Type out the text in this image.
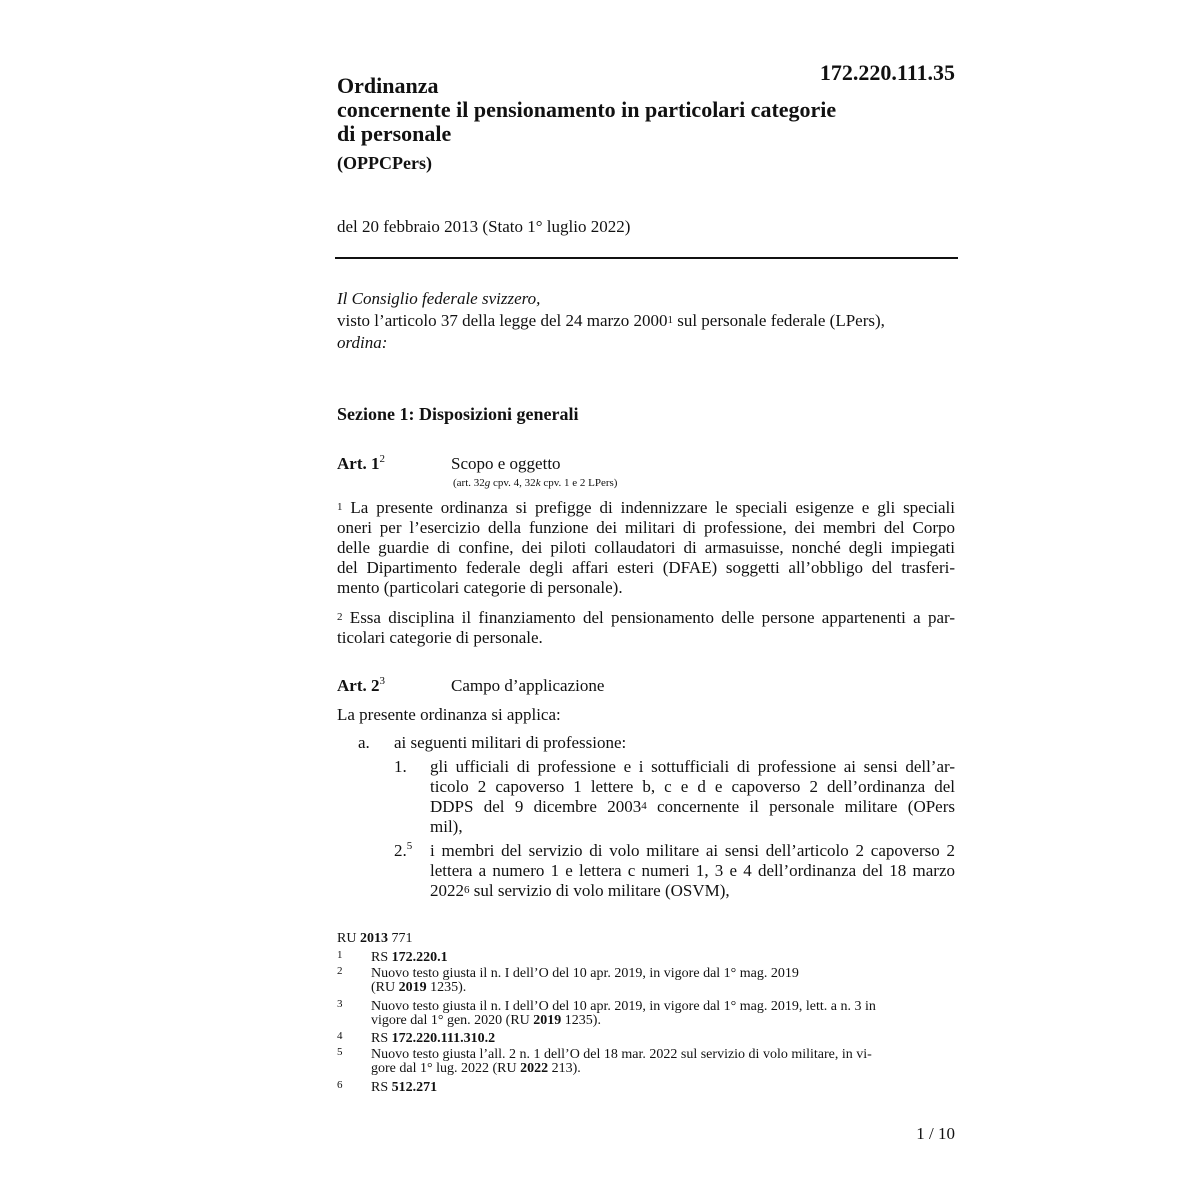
172.220.111.35
Ordinanza
concernente il pensionamento in particolari categorie
di personale
(OPPCPers)
del 20 febbraio 2013 (Stato 1° luglio 2022)
Il Consiglio federale svizzero,
visto l’articolo 37 della legge del 24 marzo 2000$^1$ sul personale federale (LPers),
ordina:
Sezione 1: Disposizioni generali
Art. $1^2$	Scopo e oggetto
(art. 32g cpv. 4, 32k cpv. 1 e 2 LPers)
$^1$ La presente ordinanza si prefigge di indennizzare le speciali esigenze e gli speciali
oneri per l’esercizio della funzione dei militari di professione, dei membri del Corpo
delle guardie di confine, dei piloti collaudatori di armasuisse, nonché degli impiegati
del Dipartimento federale degli affari esteri (DFAE) soggetti all’obbligo del trasferi-
mento (particolari categorie di personale).
$^2$ Essa disciplina il finanziamento del pensionamento delle persone appartenenti a par-
ticolari categorie di personale.
Art. $2^3$	Campo d’applicazione
La presente ordinanza si applica:
a. ai seguenti militari di professione:
1. gli ufficiali di professione e i sottufficiali di professione ai sensi dell’ar-
ticolo 2 capoverso 1 lettere b, c e d e capoverso 2 dell’ordinanza del
DDPS del 9 dicembre 2003$^4$ concernente il personale militare (OPers
mil),
2.$^5$ i membri del servizio di volo militare ai sensi dell’articolo 2 capoverso 2
lettera a numero 1 e lettera c numeri 1, 3 e 4 dell’ordinanza del 18 marzo
2022$^6$ sul servizio di volo militare (OSVM),
RU 2013 771
1 RS 172.220.1
2 Nuovo testo giusta il n. I dell’O del 10 apr. 2019, in vigore dal 1° mag. 2019
(RU 2019 1235).
3 Nuovo testo giusta il n. I dell’O del 10 apr. 2019, in vigore dal 1° mag. 2019, lett. a n. 3 in
vigore dal 1° gen. 2020 (RU 2019 1235).
4 RS 172.220.111.310.2
5 Nuovo testo giusta l’all. 2 n. 1 dell’O del 18 mar. 2022 sul servizio di volo militare, in vi-
gore dal 1° lug. 2022 (RU 2022 213).
6 RS 512.271
1 / 10
